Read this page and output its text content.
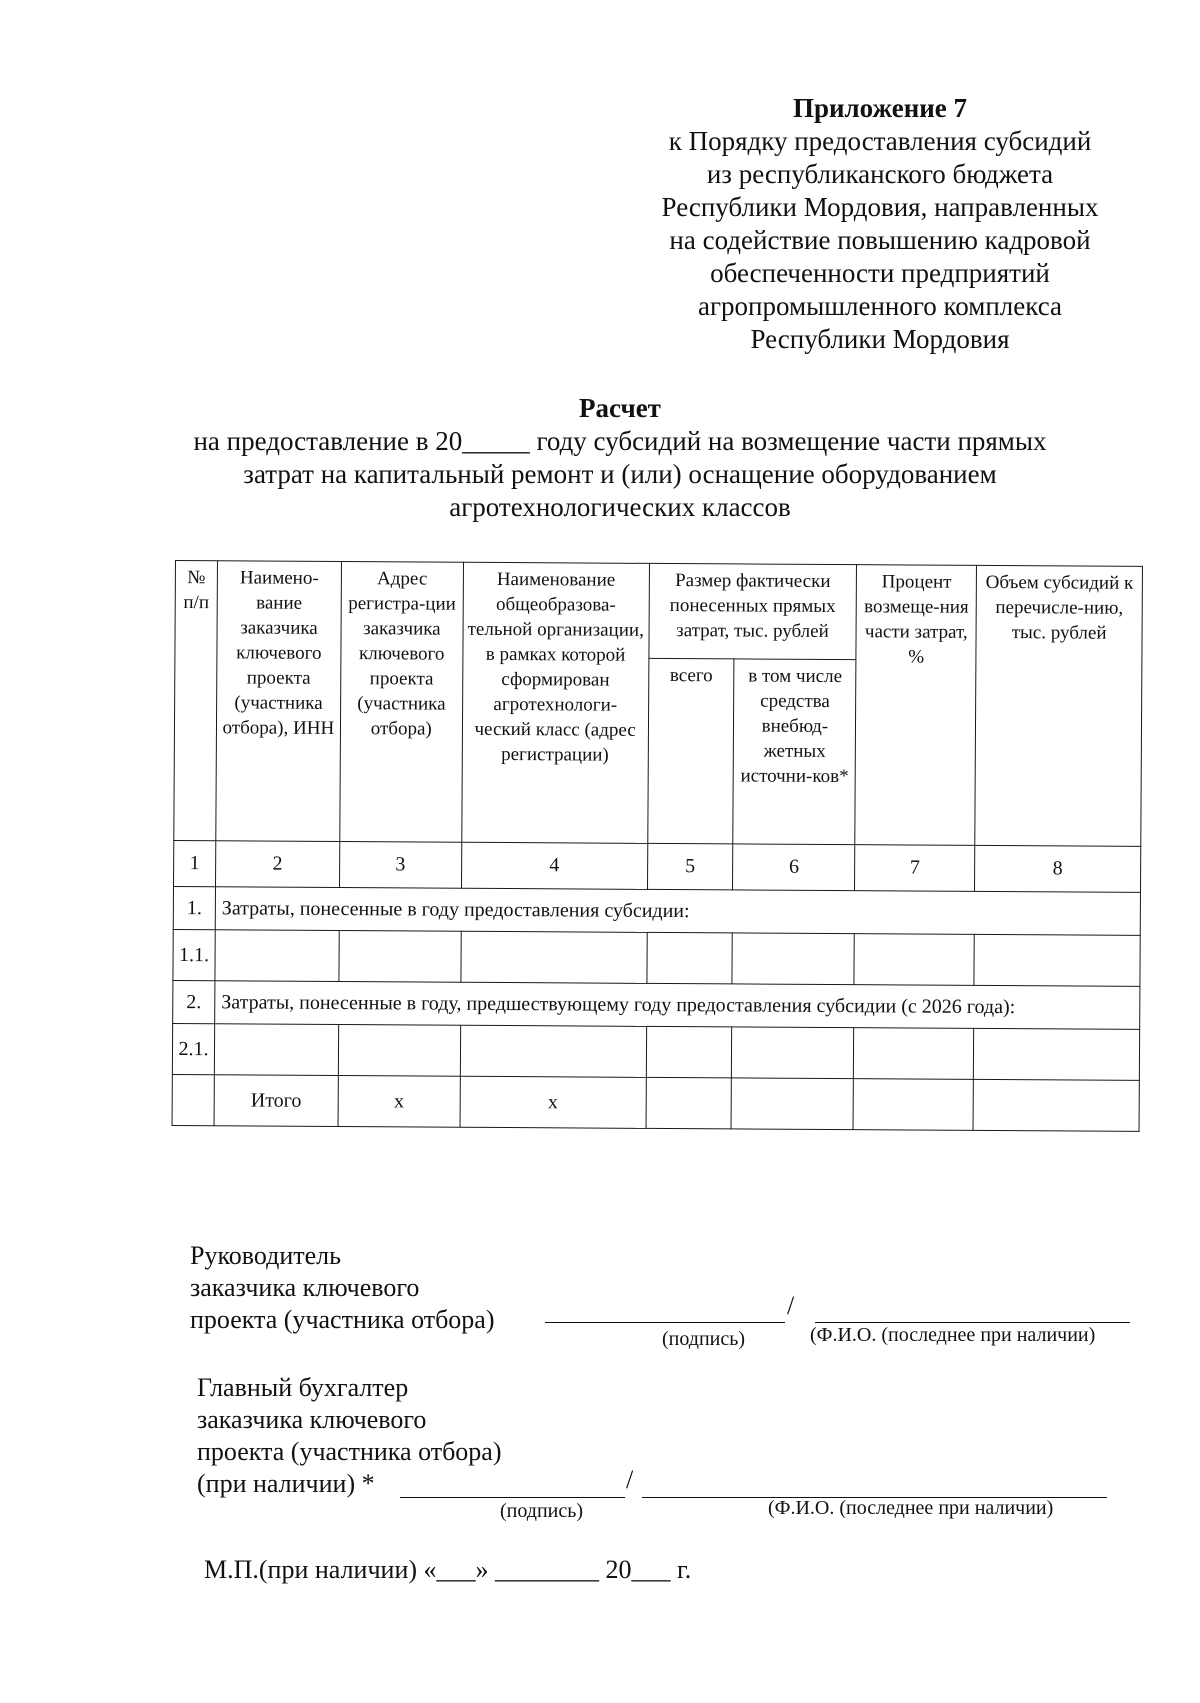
Приложение 7
к Порядку предоставления субсидий
из республиканского бюджета
Республики Мордовия, направленных
на содействие повышению кадровой
обеспеченности предприятий
агропромышленного комплекса
Республики Мордовия
Расчет
на предоставление в 20_____ году субсидий на возмещение части прямых
затрат на капитальный ремонт и (или) оснащение оборудованием
агротехнологических классов
№ п/п	Наимено-вание заказчика ключевого проекта (участника отбора), ИНН	Адрес регистра-ции заказчика ключевого проекта (участника отбора)	Наименование общеобразова-тельной организации, в рамках которой сформирован агротехнологи-ческий класс (адрес регистрации)	Размер фактически понесенных прямых затрат, тыс. рублей		Процент возмеще-ния части затрат, %	Объем субсидий к перечисле-нию, тыс. рублей
				всего	в том числе средства внебюд-жетных источни-ков*		
1	2	3	4	5	6	7	8
1.	Затраты, понесенные в году предоставления субсидии:						
1.1.							
2.	Затраты, понесенные в году, предшествующему году предоставления субсидии (с 2026 года):						
2.1.							
	Итого	x	x				
Руководитель
заказчика ключевого
проекта (участника отбора)	/
(подпись)	(Ф.И.О. (последнее при наличии)
Главный бухгалтер
заказчика ключевого
проекта (участника отбора)
(при наличии) *	/
(подпись)	(Ф.И.О. (последнее при наличии)
М.П.(при наличии) «___» ________ 20___ г.
